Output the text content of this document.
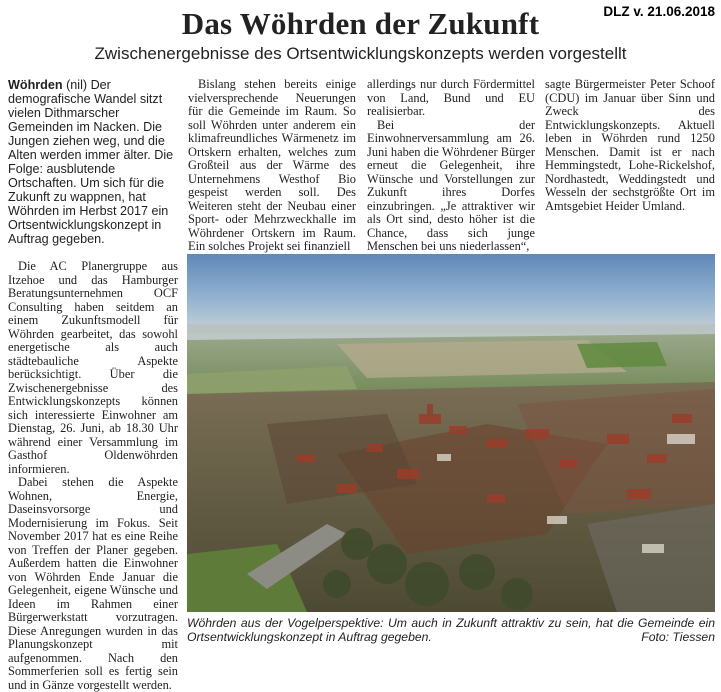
DLZ v. 21.06.2018
Das Wöhrden der Zukunft
Zwischenergebnisse des Ortsentwicklungskonzepts werden vorgestellt

Wöhrden (nil) Der demografische Wandel sitzt vielen Dithmarscher Gemeinden im Nacken. Die Jungen ziehen weg, und die Alten werden immer älter. Die Folge: ausblutende Ortschaften. Um sich für die Zukunft zu wappnen, hat Wöhrden im Herbst 2017 ein Ortsentwicklungskonzept in Auftrag gegeben.

Die AC Planergruppe aus Itzehoe und das Hamburger Beratungsunternehmen OCF Consulting haben seitdem an einem Zukunftsmodell für Wöhrden gearbeitet, das sowohl energetische als auch städtebauliche Aspekte berücksichtigt. Über die Zwischenergebnisse des Entwicklungskonzepts können sich interessierte Einwohner am Dienstag, 26. Juni, ab 18.30 Uhr während einer Versammlung im Gasthof Oldenwöhrden informieren.

Dabei stehen die Aspekte Wohnen, Energie, Daseinsvorsorge und Modernisierung im Fokus. Seit November 2017 hat es eine Reihe von Treffen der Planer gegeben. Außerdem hatten die Einwohner von Wöhrden Ende Januar die Gelegenheit, eigene Wünsche und Ideen im Rahmen einer Bürgerwerkstatt vorzutragen. Diese Anregungen wurden in das Planungskonzept mit aufgenommen. Nach den Sommerferien soll es fertig sein und in Gänze vorgestellt werden.

Bislang stehen bereits einige vielversprechende Neuerungen für die Gemeinde im Raum. So soll Wöhrden unter anderem ein klimafreundliches Wärmenetz im Ortskern erhalten, welches zum Großteil aus der Wärme des Unternehmens Westhof Bio gespeist werden soll. Des Weiteren steht der Neubau einer Sport- oder Mehrzweckhalle im Wöhrdener Ortskern im Raum. Ein solches Projekt sei finanziell

allerdings nur durch Fördermittel von Land, Bund und EU realisierbar.

Bei der Einwohnerversammlung am 26. Juni haben die Wöhrdener Bürger erneut die Gelegenheit, ihre Wünsche und Vorstellungen zur Zukunft ihres Dorfes einzubringen. „Je attraktiver wir als Ort sind, desto höher ist die Chance, dass sich junge Menschen bei uns niederlassen“,

sagte Bürgermeister Peter Schoof (CDU) im Januar über Sinn und Zweck des Entwicklungskonzepts. Aktuell leben in Wöhrden rund 1250 Menschen. Damit ist er nach Hemmingstedt, Lohe-Rickelshof, Nordhastedt, Weddingstedt und Wesseln der sechstgrößte Ort im Amtsgebiet Heider Umland.

Wöhrden aus der Vogelperspektive: Um auch in Zukunft attraktiv zu sein, hat die Gemeinde ein Ortsentwicklungskonzept in Auftrag gegeben.	Foto: Tiessen
